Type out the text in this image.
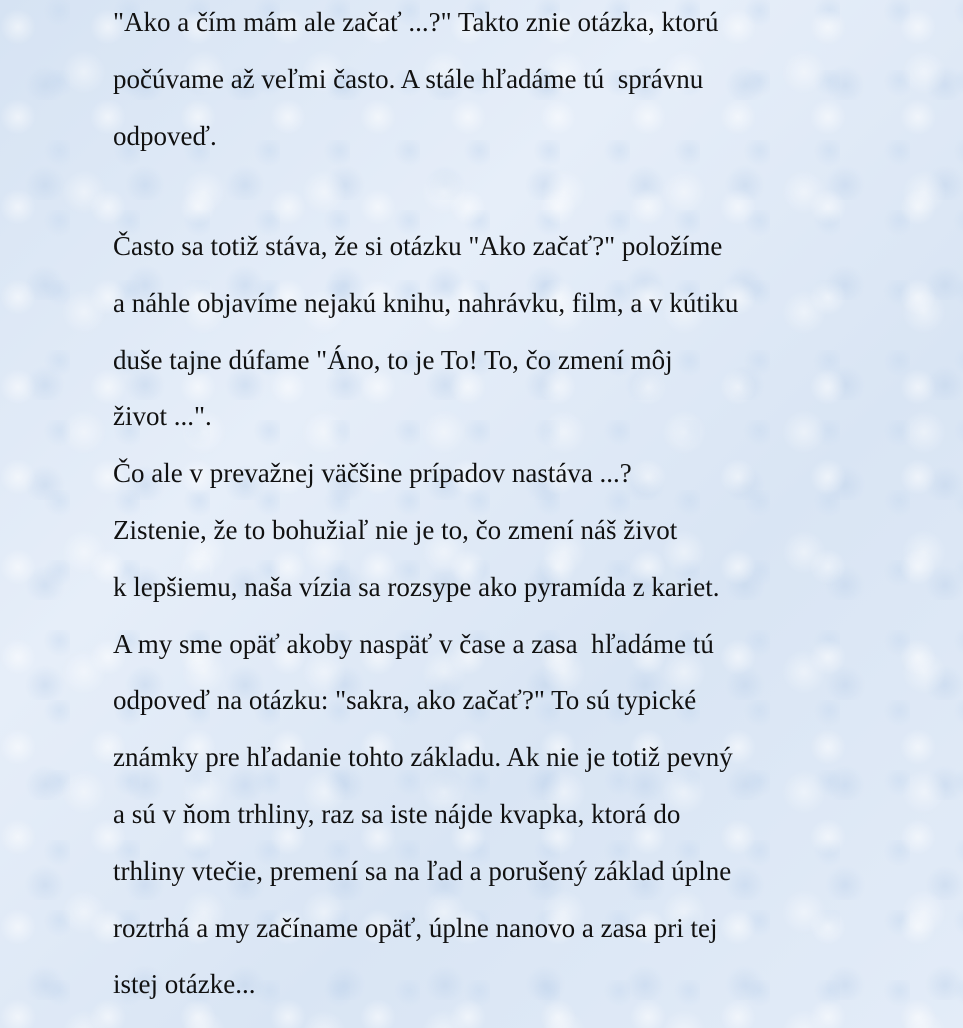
"Ako a čím mám ale začať ...?" Takto znie otázka, ktorú
počúvame až veľmi často. A stále hľadáme tú  správnu
odpoveď.
Často sa totiž stáva, že si otázku "Ako začať?" položíme
a náhle objavíme nejakú knihu, nahrávku, film, a v kútiku
duše tajne dúfame "Áno, to je To! To, čo zmení môj
život ...".
Čo ale v prevažnej väčšine prípadov nastáva ...?
Zistenie, že to bohužiaľ nie je to, čo zmení náš život
k lepšiemu, naša vízia sa rozsype ako pyramída z kariet.
A my sme opäť akoby naspäť v čase a zasa  hľadáme tú
odpoveď na otázku: "sakra, ako začať?" To sú typické
známky pre hľadanie tohto základu. Ak nie je totiž pevný
a sú v ňom trhliny, raz sa iste nájde kvapka, ktorá do
trhliny vtečie, premení sa na ľad a porušený základ úplne
roztrhá a my začíname opäť, úplne nanovo a zasa pri tej
istej otázke...
